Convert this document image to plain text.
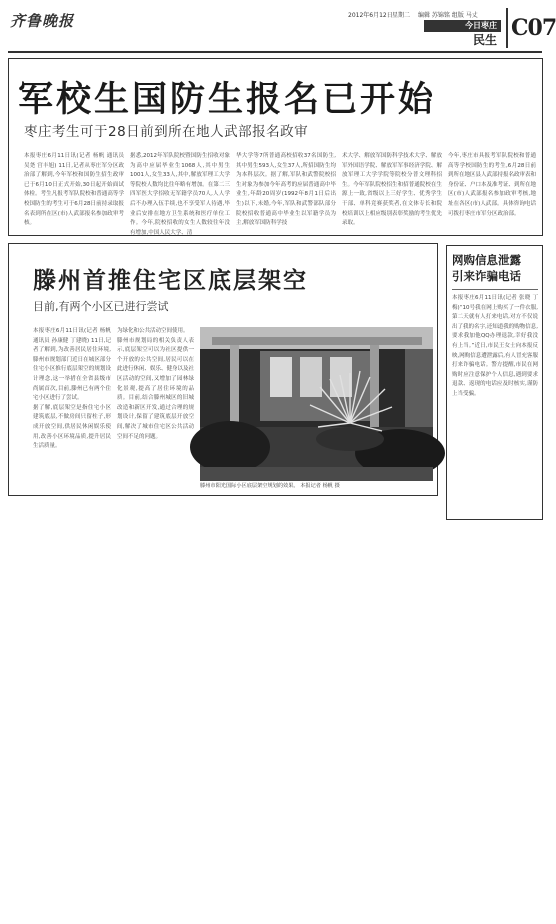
齐鲁晚报	2012年6月12日 星期二 编辑 苏锦铭 组版 马丈
今日枣庄
民生 C07
军校生国防生报名已开始
枣庄考生可于28日前到所在地人武部报名政审
本报枣庄6月11日讯(记者 杨帆 通讯员 吴尧 宫丰旭) 11日,记者从枣庄军分区政治部了解到,今年军校和国防生招生政审已于6月10日正式开始,30日起开始面试体检。考生凡报考军队院校和普通高等学校国防生的考生可于6月28日前持录取报名表到所在区(市)人武部报名参加政审考核。
据悉,2012年军队院校暨国防生招收对象为高中应届毕业生1068人,其中男生1001人,女生33人,其中,解放军理工大学等院校人数均比往年略有增加。在第二三四军医大学招收无军籍学员70人,人人学后不办理入伍手续,也不享受军人待遇,毕业后安排在地方卫生系统和医疗单位工作。今年,院校招收的女生人数较往年没有增加,中国人民大学、清
华大学等7所普通高校招收37名国防生,其中男生593人,女生37人,所招国防生均为本科层次。据了解,军队和武警院校招生对象为参加今年高考的应届普通高中毕业生,年龄20周岁(1992年8月1日后出生)以下,未婚,今年,军队和武警部队部分院校招收普通高中毕业生以军籍学员为主,解放军国防科学技
术大学、解放军国防科学技术大学、解放军外国语学院、解放军军事经济学院、解放军理工大学学院等院校分普文理科招生。今年军队院校招生和招普通院校在生源上一致,省级以上三好学生、优秀学生干部、单科竞赛获奖者,在文体专长和院校培训以上相应级别表彰奖励的考生优先录取。
今年,枣庄市具报考军队院校和普通高等学校国防生的考生,6月28日前到所在地区县人武部持报名政审表和身份证、户口本及准考证、到所在地区(市)人武部报名参加政审考核,地址在各区(市)人武部。具体咨询电话可拨打枣庄市军分区政治部。
滕州首推住宅区底层架空
目前,有两个小区已进行尝试
本报枣庄6月11日讯(记者 杨帆 通讯员 孙康健 丁建晓) 11日,记者了解到,为改善居民居住环境,滕州市规划部门近日在城区部分住宅小区推行底层架空的规划设计理念,这一举措在全省县级市尚属首次,目前,滕州已有两个住宅小区进行了尝试。
据了解,底层架空是指住宅小区建筑底层,不做房间只留柱子,形成开放空间,供居民休闲娱乐使用,改善小区环境品质,提升居民生活质量。
为绿化和公共活动空间使用。
滕州市规划局的相关负责人表示,底层架空可以为社区提供一个开放的公共空间,居民可以在此进行休闲、娱乐、健身以及社区活动的空间,又增加了园林绿化景观,提高了居住环境的品质。目前,结合滕州城区的旧城改造和新区开发,通过合理的规划设计,保留了建筑底层开放空间,解决了城市住宅区公共活动空间不足的问题。
滕州市阳光国际小区底层架空规划的效果。 本报记者 杨帆 摄
网购信息泄露
引来诈骗电话
本报枣庄6月11日讯(记者 张晓 丁梅)“10号我在网上购买了一件衣服,第二天就有人打来电话,对方不仅说出了我的名字,还知道我的购物信息,要求我加他QQ办理退款,幸好我没有上当。”近日,市民王女士向本报反映,网购信息遭泄露后,有人冒充客服打来诈骗电话。警方提醒,市民在网购时应注意保护个人信息,遇到要求退款、返现的电话应及时核实,谨防上当受骗。
